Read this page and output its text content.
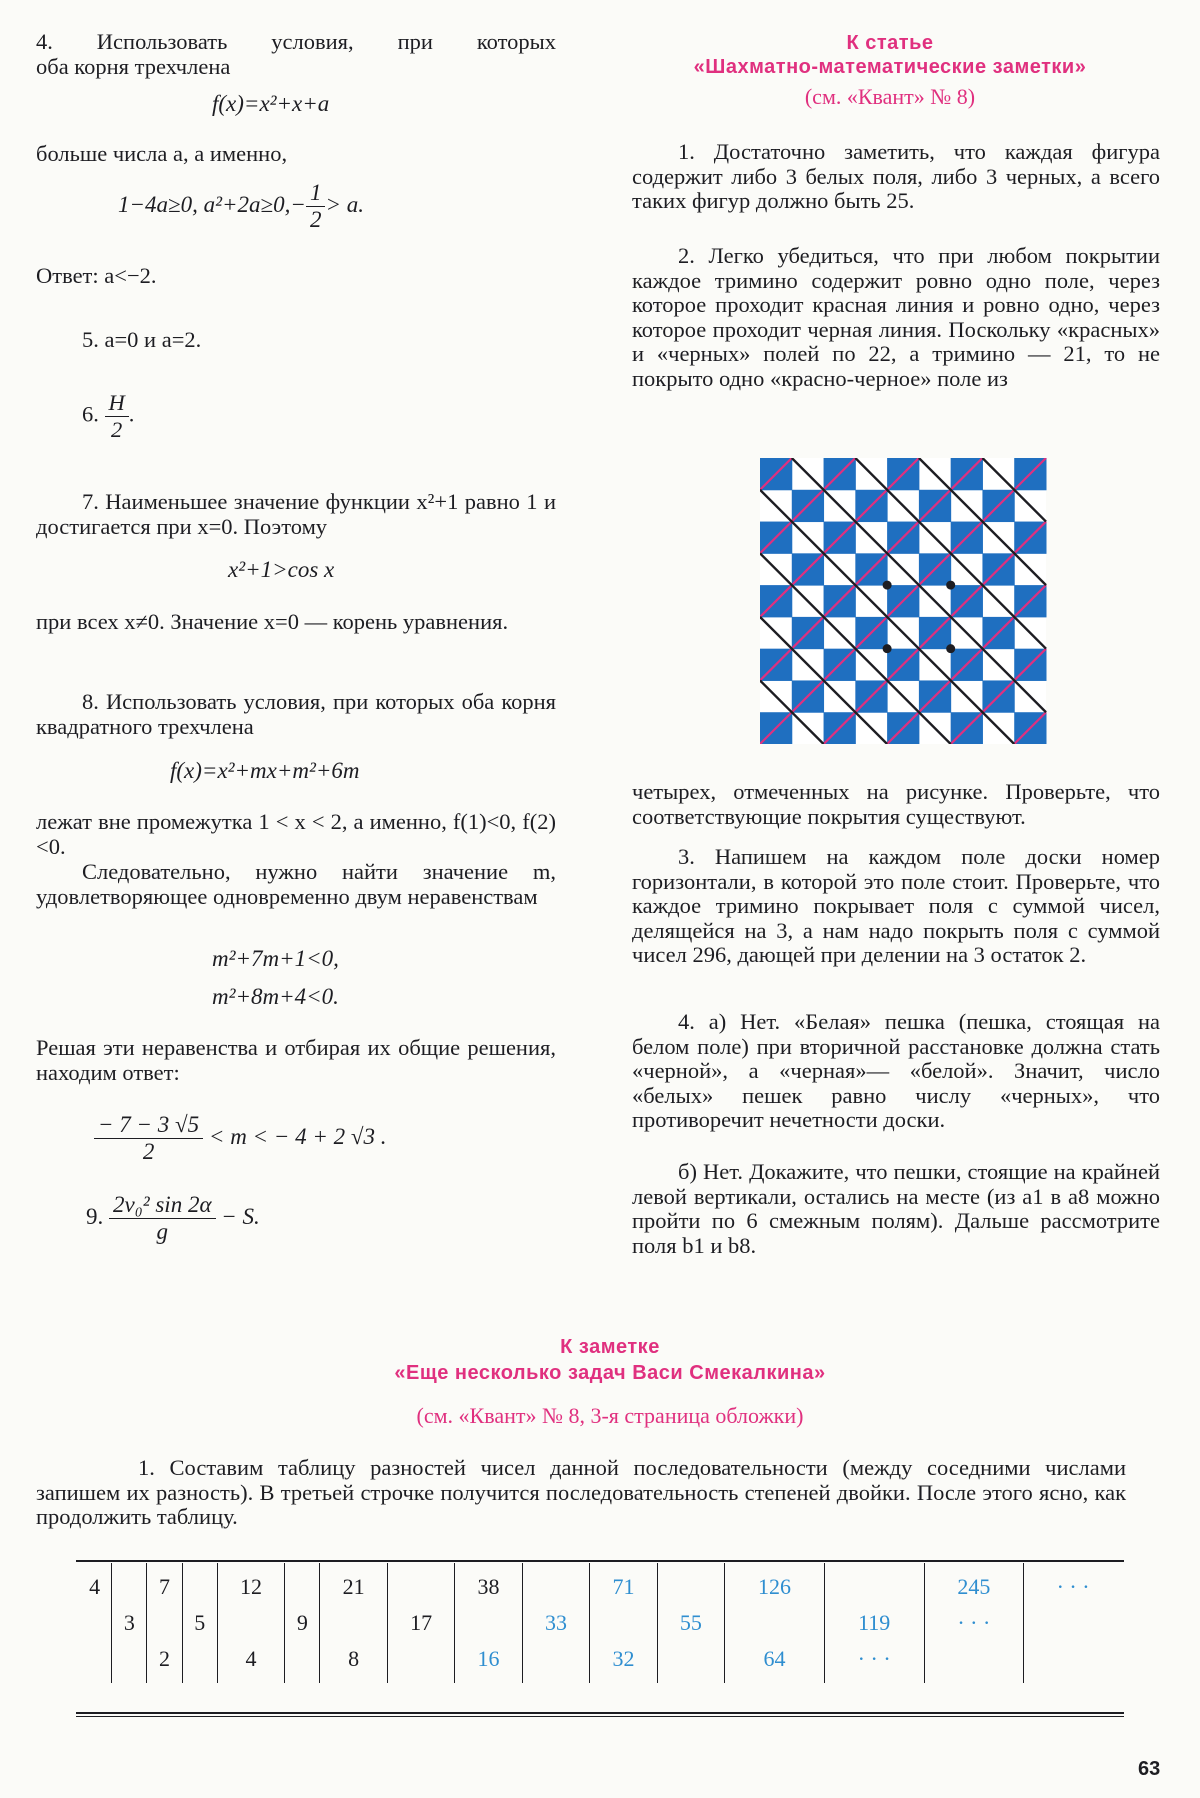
4. Использовать условия, при которых

оба корня трехчлена

f(x)=x²+x+a

больше числа a, а именно,

1−4a≥0, $a^2+2a\ge 0,- \frac{1}{2} > a$.

Ответ: a<−2.

5. a=0 и a=2.

6. $\frac{H}{2}$ .

7. Наименьшее значение функции x²+1 равно 1 и достигается при x=0. Поэтому

x²+1>cos x

при всех x≠0. Значение x=0 — корень уравнения.

8. Использовать условия, при которых оба корня квадратного трехчлена

f(x)=x²+mx+m²+6m

лежат вне промежутка 1 < x < 2, а именно, f(1)<0, f(2)<0.

Следовательно, нужно найти значение m, удовлетворяющее одновременно двум неравенствам

m²+7m+1<0,
m²+8m+4<0.

Решая эти неравенства и отбирая их общие решения, находим ответ:

$\frac{- 7 - 3 √5}{2} < m$ < − 4 + 2 √3 .
9. $\frac{\text{2v₀² sin 2α}}{g} - S$.
К статье
«Шахматно-математические заметки»
(см. «Квант» № 8)

1. Достаточно заметить, что каждая фигура содержит либо 3 белых поля, либо 3 черных, а всего таких фигур должно быть 25.

2. Легко убедиться, что при любом покрытии каждое тримино содержит ровно одно поле, через которое проходит красная линия и ровно одно, через которое проходит черная линия. Поскольку «красных» и «черных» полей по 22, а тримино — 21, то не покрыто одно «красно-черное» поле из

четырех, отмеченных на рисунке. Проверьте, что соответствующие покрытия существуют.

3. Напишем на каждом поле доски номер горизонтали, в которой это поле стоит. Проверьте, что каждое тримино покрывает поля с суммой чисел, делящейся на 3, а нам надо покрыть поля с суммой чисел 296, дающей при делении на 3 остаток 2.

4. а) Нет. «Белая» пешка (пешка, стоящая на белом поле) при вторичной расстановке должна стать «черной», а «черная»— «белой». Значит, число «белых» пешек равно числу «черных», что противоречит нечетности доски.

б) Нет. Докажите, что пешки, стоящие на крайней левой вертикали, остались на месте (из a1 в a8 можно пройти по 6 смежным полям). Дальше рассмотрите поля b1 и b8.

К заметке
«Еще несколько задач Васи Смекалкина»
(см. «Квант» № 8, 3-я страница обложки)

1. Составим таблицу разностей чисел данной последовательности (между соседними числами запишем их разность). В третьей строчке получится последовательность степеней двойки. После этого ясно, как продолжить таблицу.

4		7		12		21		38		71		126		245	· · ·
	3		5		9		17		33		55		119	· · ·	
		2		4		8		16		32		64	· · ·		
63
